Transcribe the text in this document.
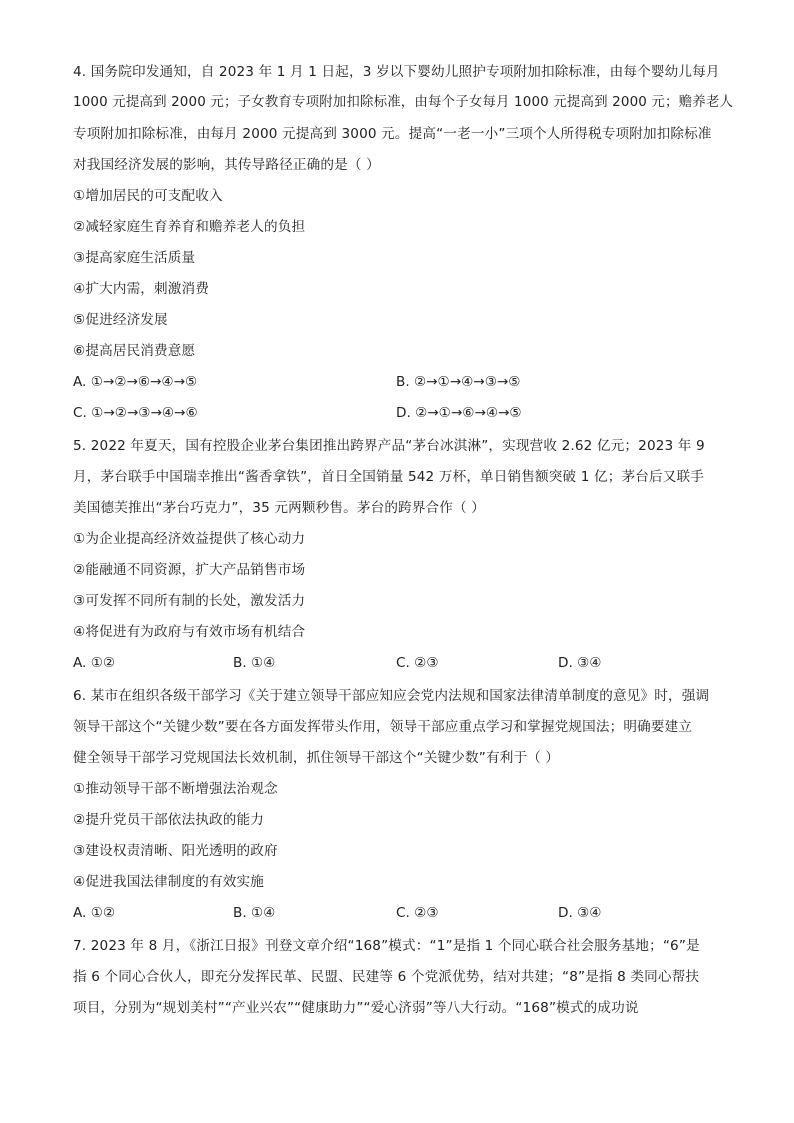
4. 国务院印发通知，自 2023 年 1 月 1 日起，3 岁以下婴幼儿照护专项附加扣除标准，由每个婴幼儿每月
1000 元提高到 2000 元；子女教育专项附加扣除标准，由每个子女每月 1000 元提高到 2000 元；赡养老人
专项附加扣除标准，由每月 2000 元提高到 3000 元。提高“一老一小”三项个人所得税专项附加扣除标准
对我国经济发展的影响，其传导路径正确的是（ ）
①增加居民的可支配收入
②减轻家庭生育养育和赡养老人的负担
③提高家庭生活质量
④扩大内需，刺激消费
⑤促进经济发展
⑥提高居民消费意愿
A. ①→②→⑥→④→⑤	B. ②→①→④→③→⑤
C. ①→②→③→④→⑥	D. ②→①→⑥→④→⑤
5. 2022 年夏天，国有控股企业茅台集团推出跨界产品“茅台冰淇淋”，实现营收 2.62 亿元；2023 年 9
月，茅台联手中国瑞幸推出“酱香拿铁”，首日全国销量 542 万杯，单日销售额突破 1 亿；茅台后又联手
美国德芙推出“茅台巧克力”，35 元两颗秒售。茅台的跨界合作（ ）
①为企业提高经济效益提供了核心动力
②能融通不同资源，扩大产品销售市场
③可发挥不同所有制的长处，激发活力
④将促进有为政府与有效市场有机结合
A. ①②	B. ①④	C. ②③	D. ③④
6. 某市在组织各级干部学习《关于建立领导干部应知应会党内法规和国家法律清单制度的意见》时，强调
领导干部这个“关键少数”要在各方面发挥带头作用，领导干部应重点学习和掌握党规国法；明确要建立
健全领导干部学习党规国法长效机制，抓住领导干部这个“关键少数”有利于（ ）
①推动领导干部不断增强法治观念
②提升党员干部依法执政的能力
③建设权责清晰、阳光透明的政府
④促进我国法律制度的有效实施
A. ①②	B. ①④	C. ②③	D. ③④
7. 2023 年 8 月，《浙江日报》刊登文章介绍“168”模式：“1”是指 1 个同心联合社会服务基地；“6”是
指 6 个同心合伙人，即充分发挥民革、民盟、民建等 6 个党派优势，结对共建；“8”是指 8 类同心帮扶
项目，分别为“规划美村”“产业兴农”“健康助力”“爱心济弱”等八大行动。“168”模式的成功说
